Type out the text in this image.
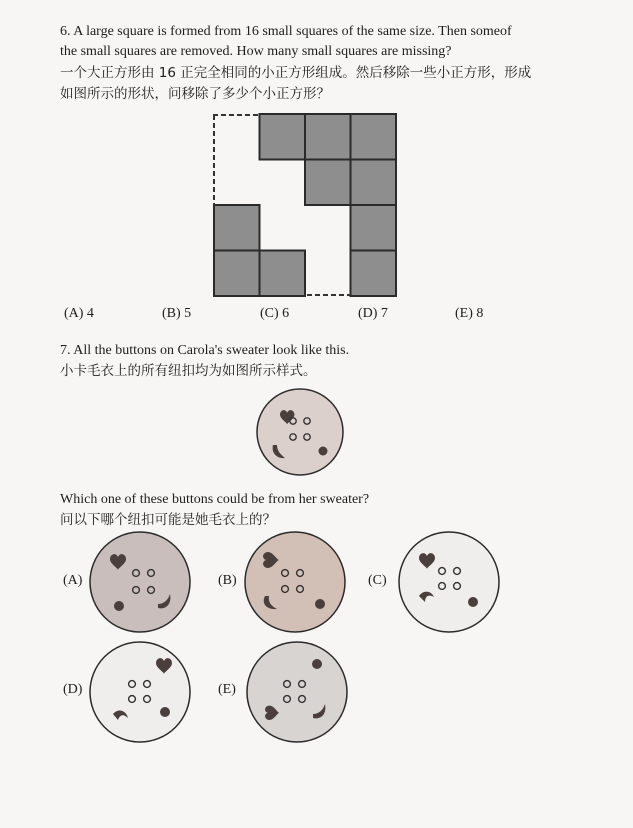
6. A large square is formed from 16 small squares of the same size. Then someof
the small squares are removed. How many small squares are missing?
一个大正方形由 16 正完全相同的小正方形组成。然后移除一些小正方形，形成
如图所示的形状，问移除了多少个小正方形？
(A) 4	(B) 5	(C) 6	(D) 7	(E) 8
7. All the buttons on Carola's sweater look like this.
小卡毛衣上的所有纽扣均为如图所示样式。
Which one of these buttons could be from her sweater?
问以下哪个纽扣可能是她毛衣上的？
(A)	(B)	(C)
(D)	(E)
